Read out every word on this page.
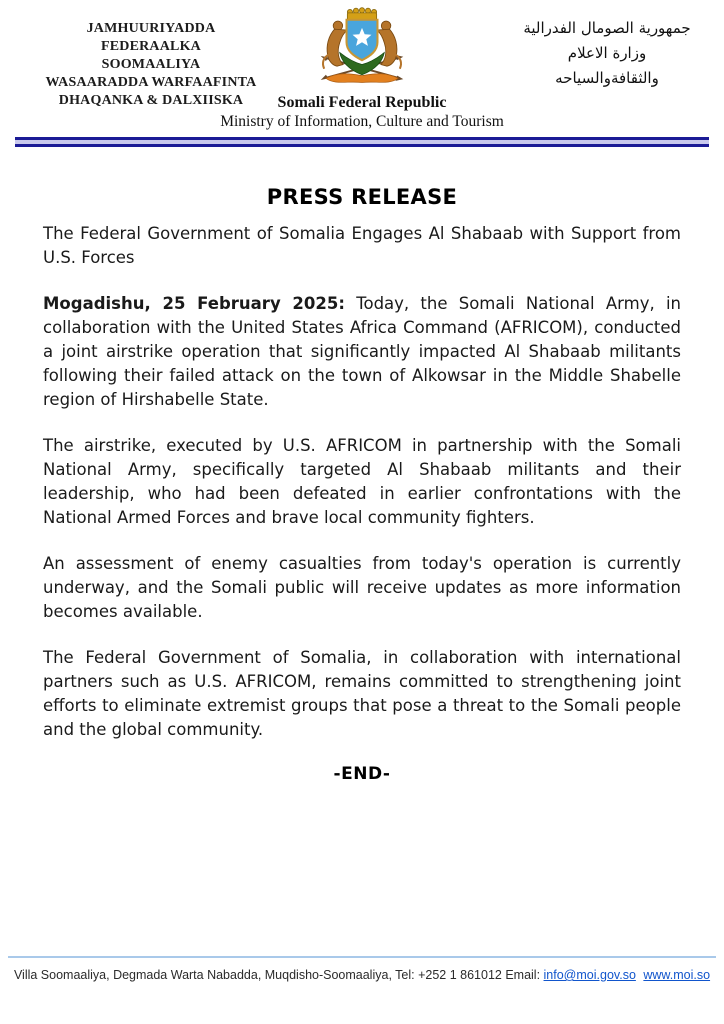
JAMHUURIYADDA FEDERAALKA
SOOMAALIYA
WASAARADDA WARFAAFINTA
DHAQANKA & DALXIISKA
جمهورية الصومال الفدرالية
وزارة الاعلام
والثقافةوالسياحه
Somali Federal Republic
Ministry of Information, Culture and Tourism
PRESS RELEASE

The Federal Government of Somalia Engages Al Shabaab with Support from U.S. Forces

Mogadishu, 25 February 2025: Today, the Somali National Army, in collaboration with the United States Africa Command (AFRICOM), conducted a joint airstrike operation that significantly impacted Al Shabaab militants following their failed attack on the town of Alkowsar in the Middle Shabelle region of Hirshabelle State.

The airstrike, executed by U.S. AFRICOM in partnership with the Somali National Army, specifically targeted Al Shabaab militants and their leadership, who had been defeated in earlier confrontations with the National Armed Forces and brave local community fighters.

An assessment of enemy casualties from today's operation is currently underway, and the Somali public will receive updates as more information becomes available.

The Federal Government of Somalia, in collaboration with international partners such as U.S. AFRICOM, remains committed to strengthening joint efforts to eliminate extremist groups that pose a threat to the Somali people and the global community.

-END-
Villa Soomaaliya, Degmada Warta Nabadda, Muqdisho-Soomaaliya, Tel: +252 1 861012 Email: info@moi.gov.so www.moi.so
